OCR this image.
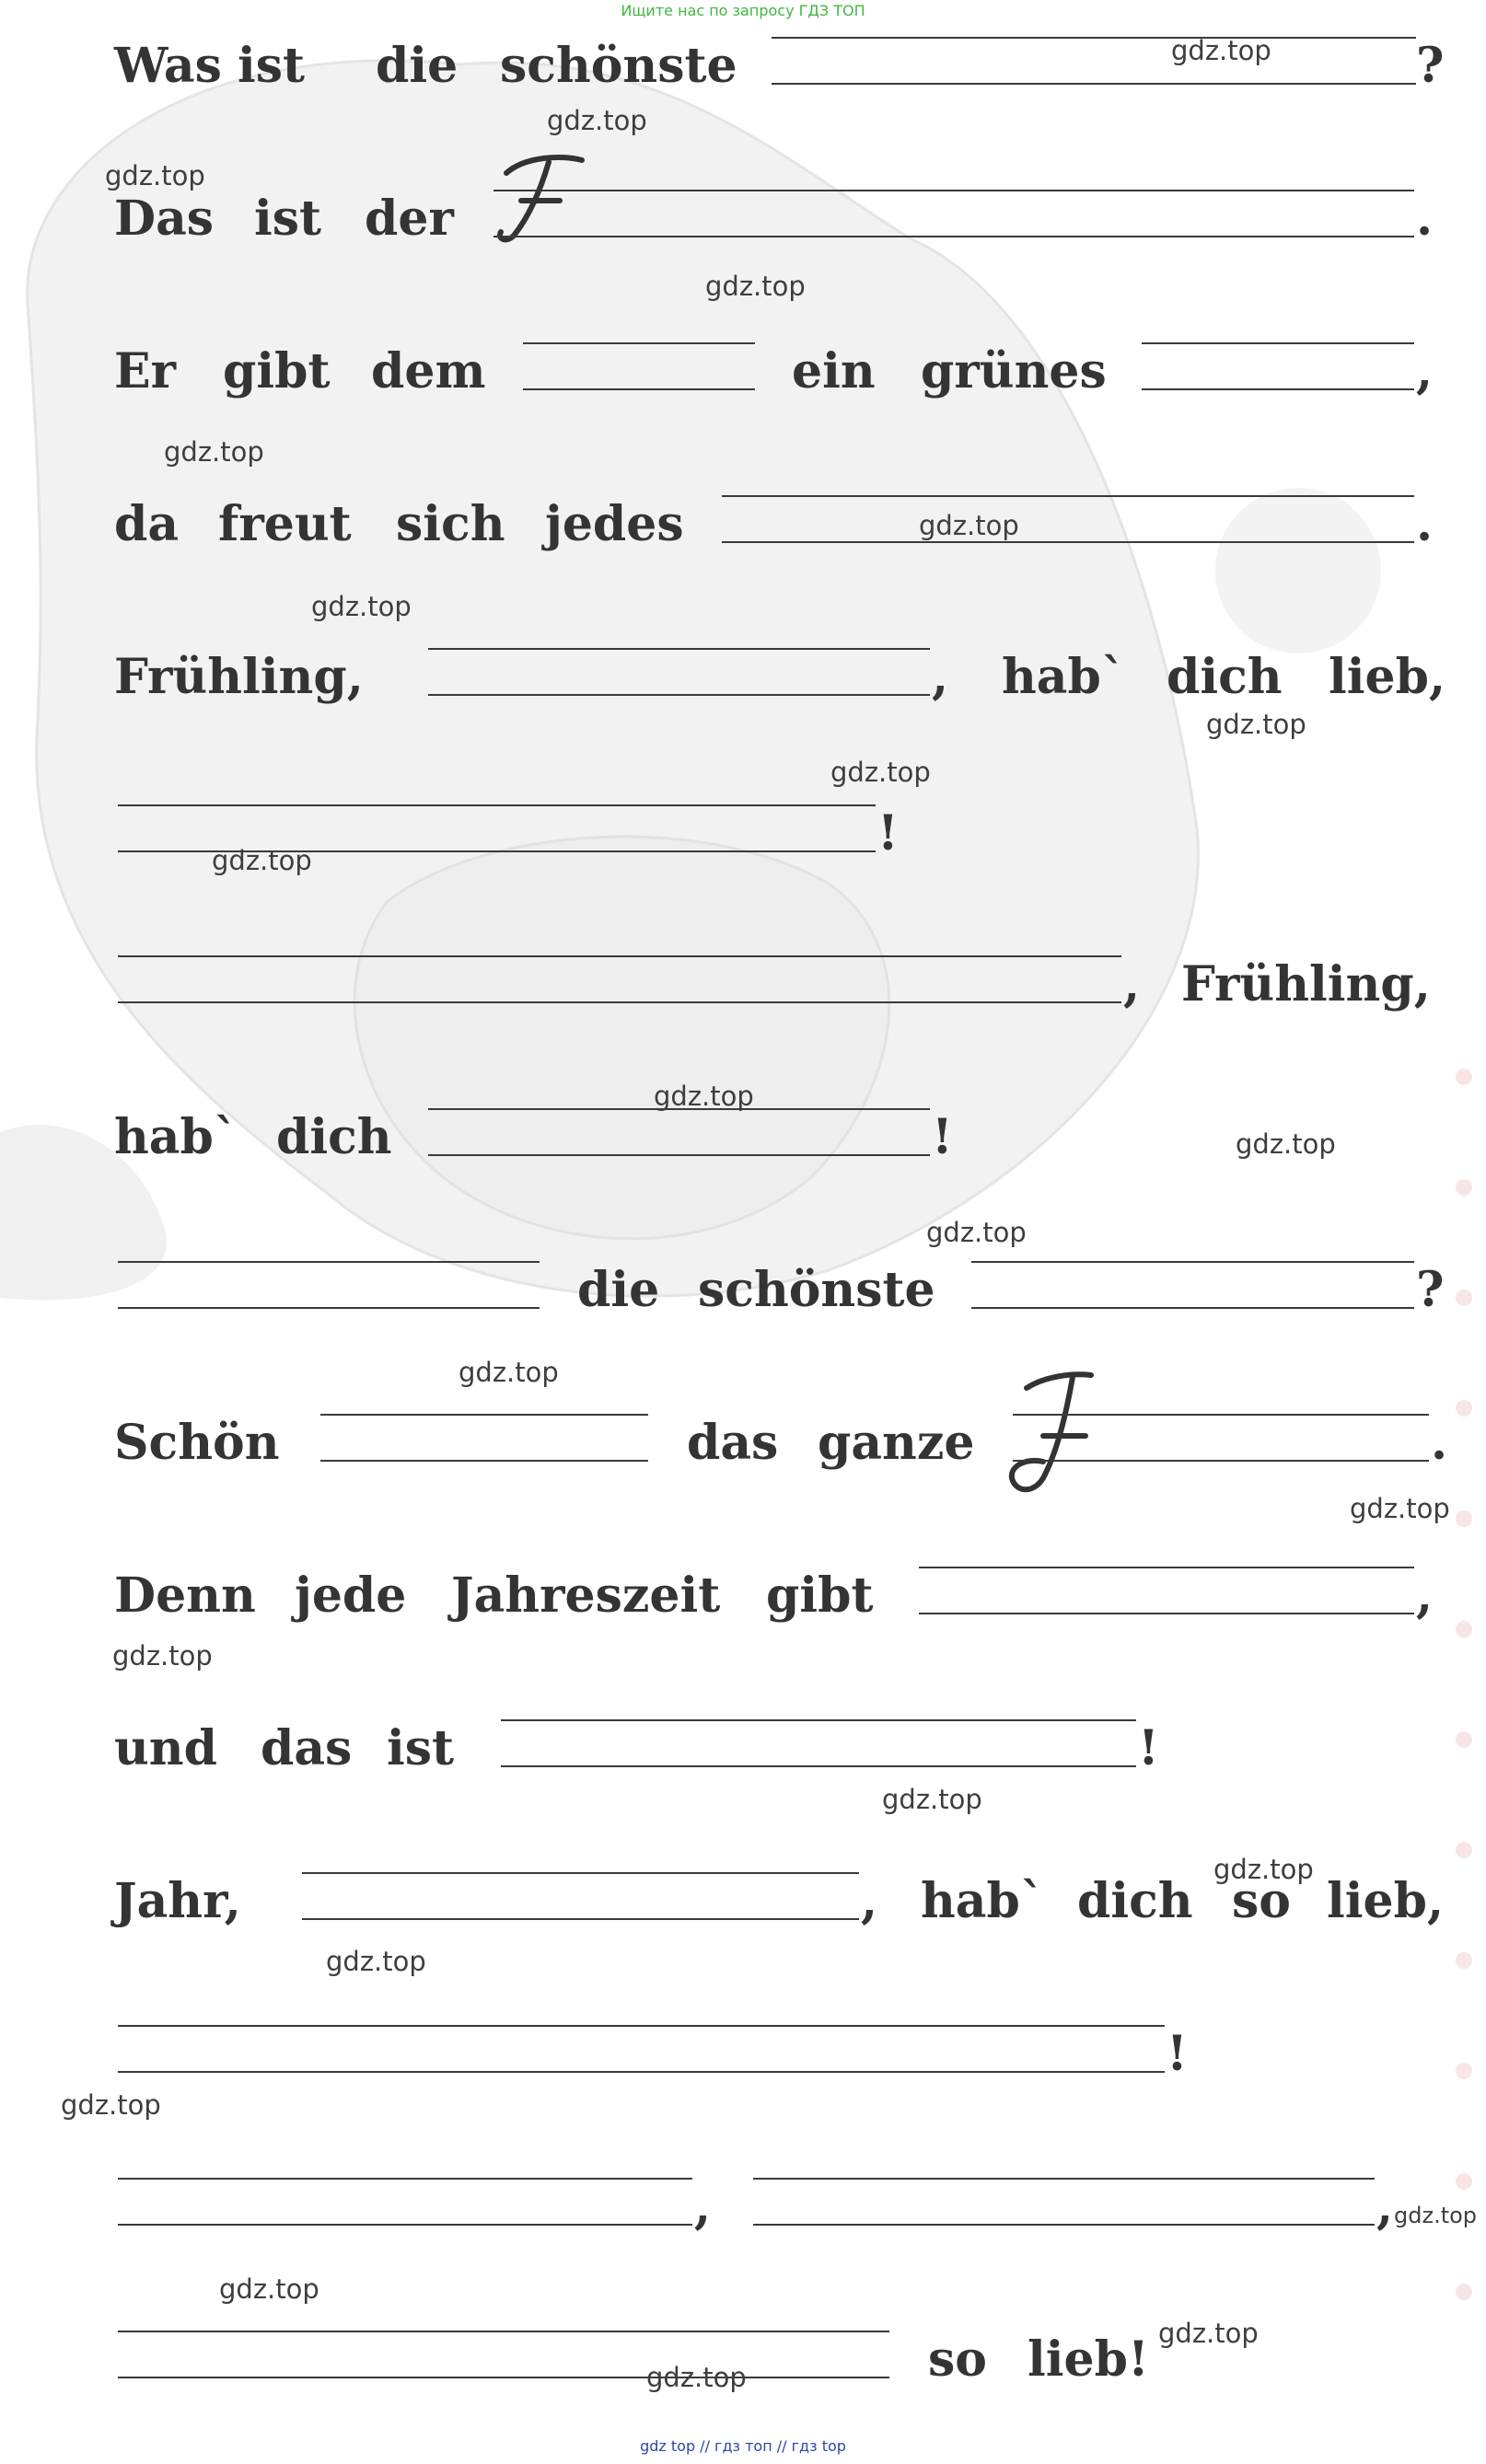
Ищите нас по запросу ГДЗ ТОП
Was ist die schönste	?
Das ist der	.
Er gibt dem	ein grünes	,
da freut sich jedes	.
Frühling,	, hab` dich lieb,
!
, Frühling,
hab` dich	!
die schönste	?
Schön	das ganze	.
Denn jede Jahreszeit gibt	,
und das ist	!
Jahr,	, hab` dich so lieb,
!
,	,
so lieb!
gdz.top
gdz.top
gdz.top
gdz.top
gdz.top
gdz.top
gdz.top
gdz.top
gdz.top
gdz.top
gdz.top
gdz.top
gdz.top
gdz.top
gdz.top
gdz.top
gdz.top
gdz.top
gdz.top
gdz.top
gdz.top
gdz.top
gdz.top
gdz.top
gdz top // гдз топ // гдз top
